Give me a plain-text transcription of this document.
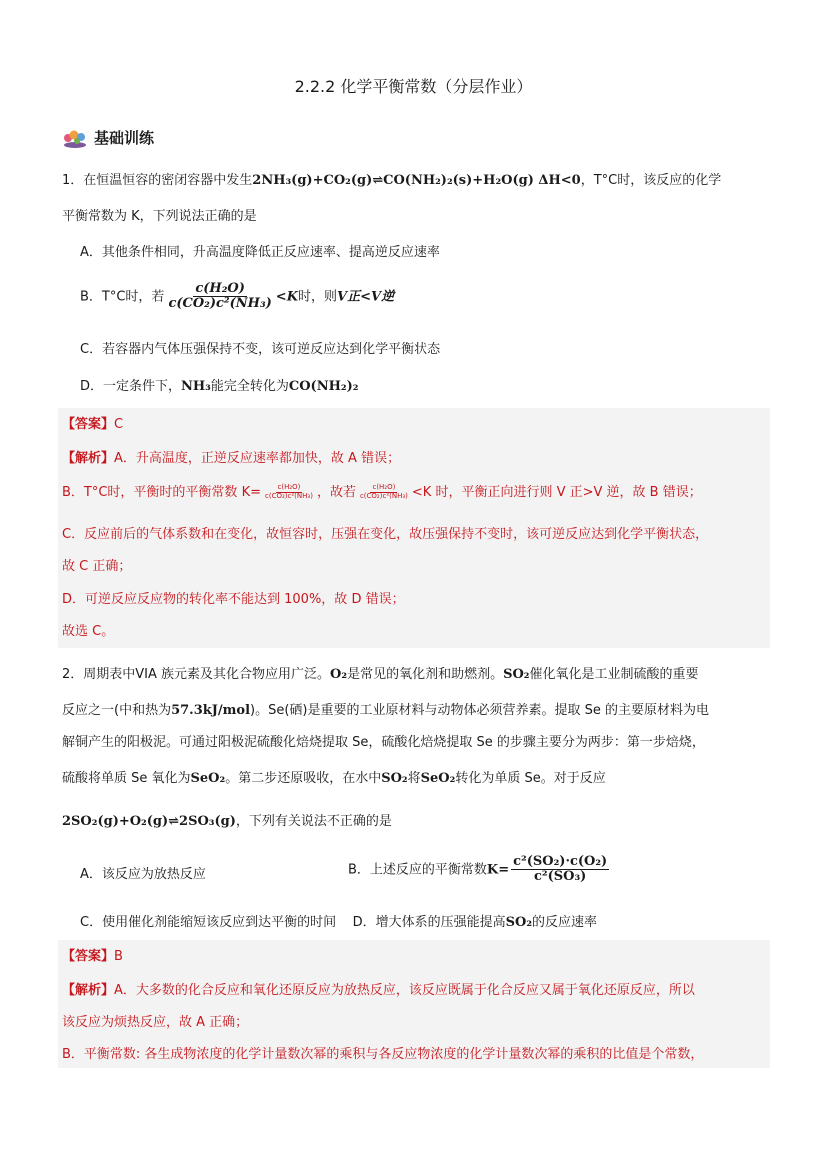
2.2.2 化学平衡常数（分层作业）
基础训练
1．在恒温恒容的密闭容器中发生2NH₃(g)+CO₂(g)⇌CO(NH₂)₂(s)+H₂O(g) ΔH<0，T°C时，该反应的化学
平衡常数为 K，下列说法正确的是
A．其他条件相同，升高温度降低正反应速率、提高逆反应速率
B．T°C时，若 $\frac{\text{c(H₂O)}}{\text{c(CO₂)c²(NH₃)}} <K$时，则V正<V逆
C．若容器内气体压强保持不变，该可逆反应达到化学平衡状态
D．一定条件下，NH₃能完全转化为CO(NH₂)₂
【答案】C
【解析】A．升高温度，正逆反应速率都加快，故 A 错误；
B．T°C时，平衡时的平衡常数 $K= \frac{\text{c(H₂O)}}{\text{c(CO₂)c²(NH₃)}}$ ，故若 $\frac{\text{c(H₂O)}}{\text{c(CO₂)c²(NH₃)}} <K$ 时，平衡正向进行则 V 正>V 逆，故 B 错误；
C．反应前后的气体系数和在变化，故恒容时，压强在变化，故压强保持不变时，该可逆反应达到化学平衡状态，
故 C 正确；
D．可逆反应反应物的转化率不能达到 100%，故 D 错误；
故选 C。
2．周期表中VIA 族元素及其化合物应用广泛。O₂是常见的氧化剂和助燃剂。SO₂催化氧化是工业制硫酸的重要
反应之一(中和热为57.3kJ/mol)。Se(硒)是重要的工业原材料与动物体必须营养素。提取 Se 的主要原材料为电
解铜产生的阳极泥。可通过阳极泥硫酸化焙烧提取 Se，硫酸化焙烧提取 Se 的步骤主要分为两步：第一步焙烧，
硫酸将单质 Se 氧化为SeO₂。第二步还原吸收，在水中SO₂将SeO₂转化为单质 Se。对于反应
2SO₂(g)+O₂(g)⇌2SO₃(g)，下列有关说法不正确的是
A．该反应为放热反应	B．上述反应的平衡常数$K= \frac{\text{c²(SO₂)·c(O₂)}}{\text{c²(SO₃)}}$
C．使用催化剂能缩短该反应到达平衡的时间 D．增大体系的压强能提高SO₂的反应速率
【答案】B
【解析】A．大多数的化合反应和氧化还原反应为放热反应，该反应既属于化合反应又属于氧化还原反应，所以
该反应为烦热反应，故 A 正确；
B．平衡常数: 各生成物浓度的化学计量数次幂的乘积与各反应物浓度的化学计量数次幂的乘积的比值是个常数，
